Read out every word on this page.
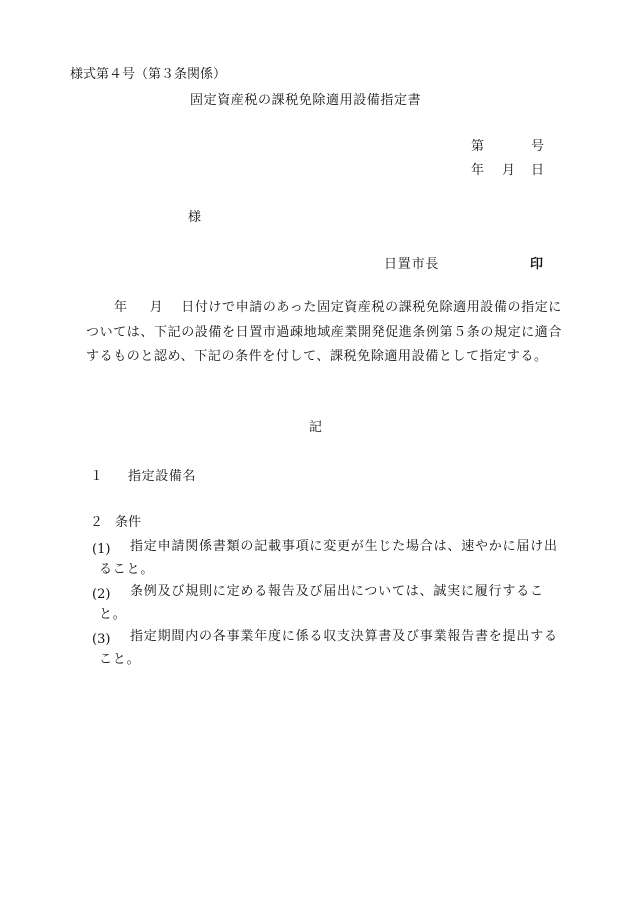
様式第４号（第３条関係）
固定資産税の課税免除適用設備指定書
第	号
年 月 日
様
日置市長	印
年 月 日付けで申請のあった固定資産税の課税免除適用設備の指定については、下記の設備を日置市過疎地域産業開発促進条例第５条の規定に適合するものと認め、下記の条件を付して、課税免除適用設備として指定する。
記
１ 指定設備名
２ 条件
(1)	指定申請関係書類の記載事項に変更が生じた場合は、速やかに届け出ること。
(2)	条例及び規則に定める報告及び届出については、誠実に履行すること。
(3)	指定期間内の各事業年度に係る収支決算書及び事業報告書を提出すること。
